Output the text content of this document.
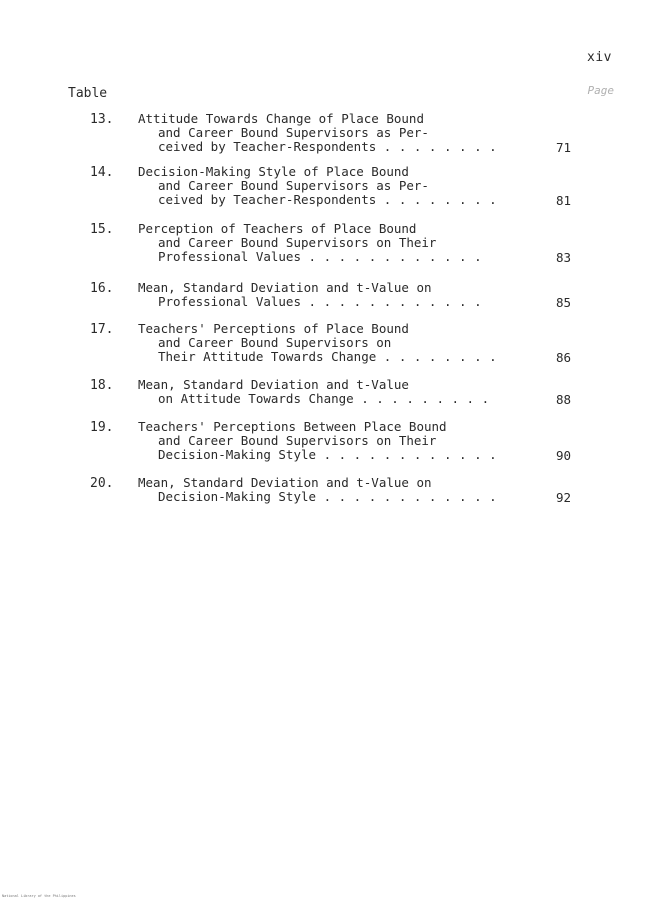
xiv
Table	Page
13. Attitude Towards Change of Place Bound
and Career Bound Supervisors as Per-
ceived by Teacher-Respondents . . . . . . . .	71
14. Decision-Making Style of Place Bound
and Career Bound Supervisors as Per-
ceived by Teacher-Respondents . . . . . . . .	81
15. Perception of Teachers of Place Bound
and Career Bound Supervisors on Their
Professional Values . . . . . . . . . . . .	83
16. Mean, Standard Deviation and t-Value on
Professional Values . . . . . . . . . . . .	85
17. Teachers' Perceptions of Place Bound
and Career Bound Supervisors on
Their Attitude Towards Change . . . . . . . .	86
18. Mean, Standard Deviation and t-Value
on Attitude Towards Change . . . . . . . . .	88
19. Teachers' Perceptions Between Place Bound
and Career Bound Supervisors on Their
Decision-Making Style . . . . . . . . . . . .	90
20. Mean, Standard Deviation and t-Value on
Decision-Making Style . . . . . . . . . . . .	92
National Library of the Philippines
